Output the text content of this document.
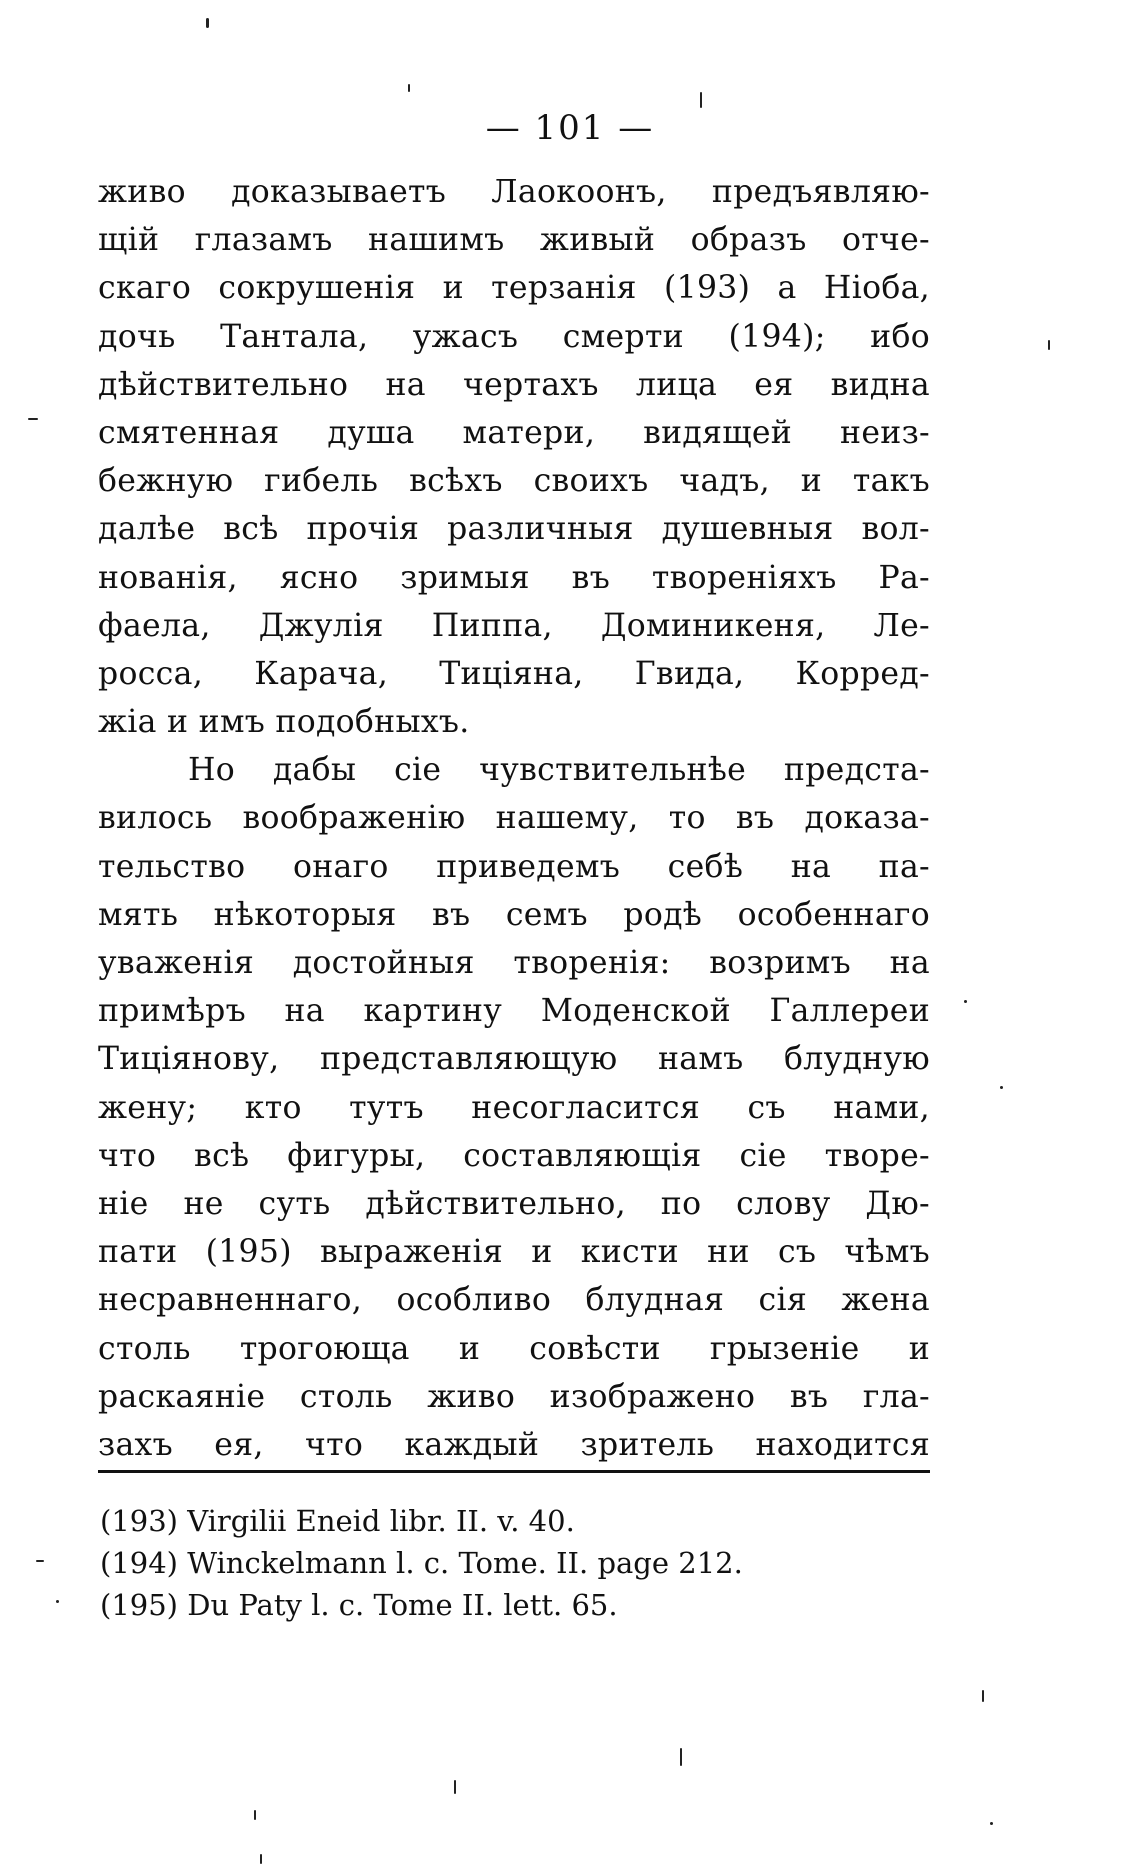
— 101 —
живо доказываетъ Лаокоонъ, предъявляю-
щій глазамъ нашимъ живый образъ отче-
скаго сокрушенія и терзанія (193) а Ніоба,
дочь Тантала, ужасъ смерти (194); ибо
дѣйствительно на чертахъ лица ея видна
смятенная душа матери, видящей неиз-
бежную гибель всѣхъ своихъ чадъ, и такъ
далѣе всѣ прочія различныя душевныя вол-
нованія, ясно зримыя въ твореніяхъ Ра-
фаела, Джулія Пиппа, Доминикеня, Ле-
росса, Карача, Тиціяна, Гвида, Корред-
жіа и имъ подобныхъ.
Но дабы сіе чувствительнѣе предста-
вилось воображенію нашему, то въ доказа-
тельство онаго приведемъ себѣ на па-
мять нѣкоторыя въ семъ родѣ особеннаго
уваженія достойныя творенія: возримъ на
примѣръ на картину Моденской Галлереи
Тиціянову, представляющую намъ блудную
жену; кто тутъ несогласится съ нами,
что всѣ фигуры, составляющія сіе творе-
ніе не суть дѣйствительно, по слову Дю-
пати (195) выраженія и кисти ни съ чѣмъ
несравненнаго, особливо блудная сія жена
столь трогоюща и совѣсти грызеніе и
раскаяніе столь живо изображено въ гла-
захъ ея, что каждый зритель находится
(193) Virgilii Eneid libr. II. v. 40.
(194) Winckelmann l. c. Tome. II. page 212.
(195) Du Paty l. c. Tome II. lett. 65.
